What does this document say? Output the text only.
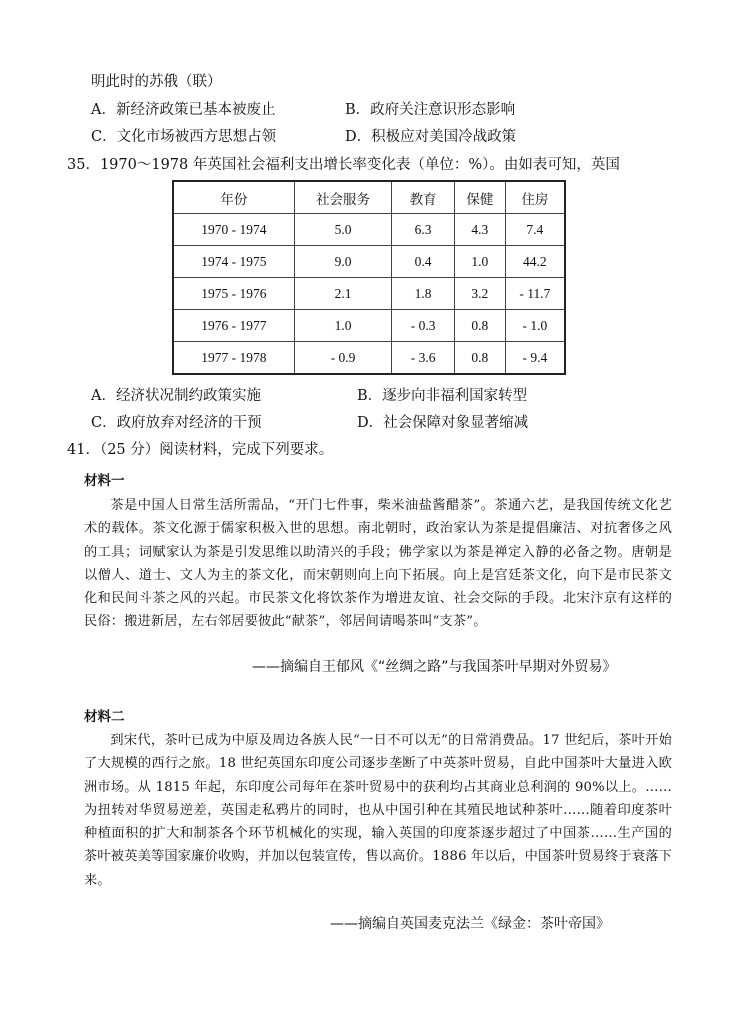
明此时的苏俄（联）
A．新经济政策已基本被废止	B．政府关注意识形态影响
C．文化市场被西方思想占领	D．积极应对美国冷战政策
35．1970～1978 年英国社会福利支出增长率变化表（单位：%）。由如表可知，英国
年份	社会服务	教育	保健	住房
1970 - 1974	5.0	6.3	4.3	7.4
1974 - 1975	9.0	0.4	1.0	44.2
1975 - 1976	2.1	1.8	3.2	- 11.7
1976 - 1977	1.0	- 0.3	0.8	- 1.0
1977 - 1978	- 0.9	- 3.6	0.8	- 9.4
A．经济状况制约政策实施	B．逐步向非福利国家转型
C．政府放弃对经济的干预	D．社会保障对象显著缩减
41．（25 分）阅读材料，完成下列要求。
材料一

茶是中国人日常生活所需品，“开门七件事，柴米油盐酱醋茶”。茶通六艺，是我国传统文化艺术的载体。茶文化源于儒家积极入世的思想。南北朝时，政治家认为茶是提倡廉洁、对抗奢侈之风的工具；词赋家认为茶是引发思维以助清兴的手段；佛学家以为茶是禅定入静的必备之物。唐朝是以僧人、道士、文人为主的茶文化，而宋朝则向上向下拓展。向上是宫廷茶文化，向下是市民茶文化和民间斗茶之风的兴起。市民茶文化将饮茶作为增进友谊、社会交际的手段。北宋汴京有这样的民俗：搬进新居，左右邻居要彼此“献茶”，邻居间请喝茶叫“支茶”。

——摘编自王郁风《“丝绸之路”与我国茶叶早期对外贸易》
材料二

到宋代，茶叶已成为中原及周边各族人民“一日不可以无”的日常消费品。17 世纪后，茶叶开始了大规模的西行之旅。18 世纪英国东印度公司逐步垄断了中英茶叶贸易，自此中国茶叶大量进入欧洲市场。从 1815 年起，东印度公司每年在茶叶贸易中的获利均占其商业总利润的 90%以上。……为扭转对华贸易逆差，英国走私鸦片的同时，也从中国引种在其殖民地试种茶叶……随着印度茶叶种植面积的扩大和制茶各个环节机械化的实现，输入英国的印度茶逐步超过了中国茶……生产国的茶叶被英美等国家廉价收购，并加以包装宣传，售以高价。1886 年以后，中国茶叶贸易终于衰落下来。

——摘编自英国麦克法兰《绿金：茶叶帝国》
